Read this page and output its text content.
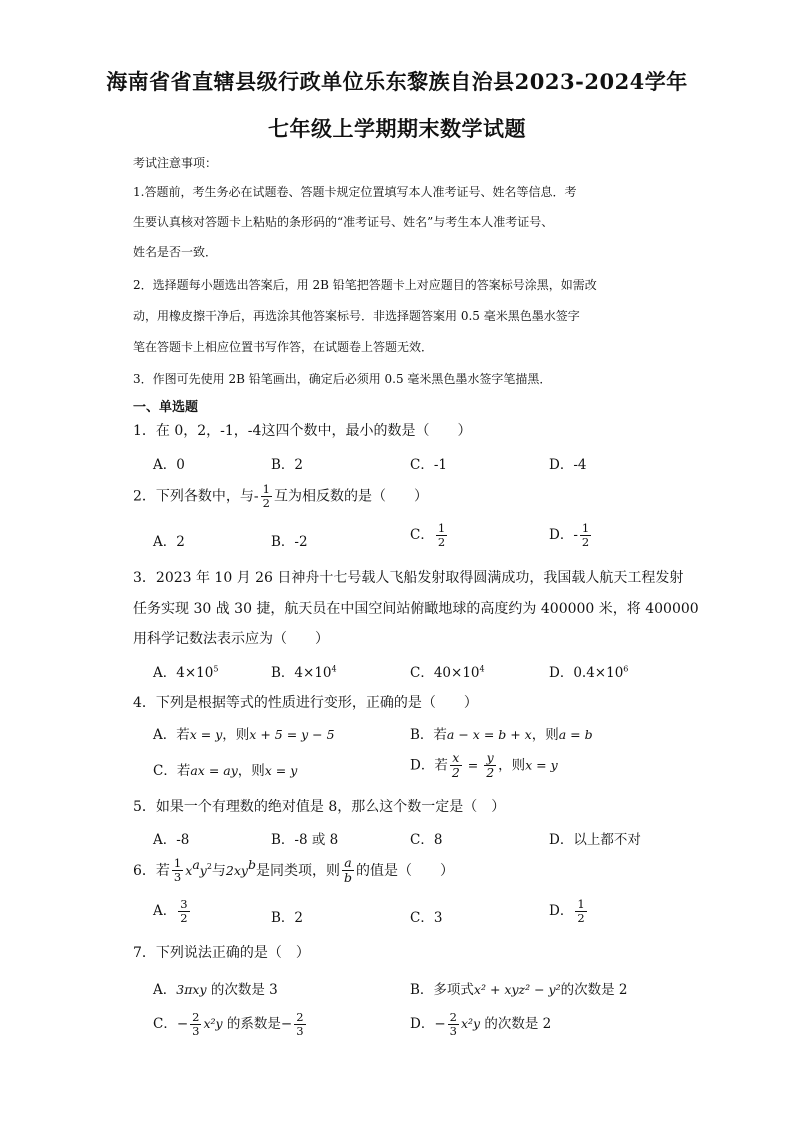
海南省省直辖县级行政单位乐东黎族自治县2023-2024学年
七年级上学期期末数学试题
考试注意事项：
1.答题前，考生务必在试题卷、答题卡规定位置填写本人准考证号、姓名等信息．考
生要认真核对答题卡上粘贴的条形码的“准考证号、姓名”与考生本人准考证号、
姓名是否一致．
2．选择题每小题选出答案后，用 2B 铅笔把答题卡上对应题目的答案标号涂黑，如需改
动，用橡皮擦干净后，再选涂其他答案标号．非选择题答案用 0.5 毫米黑色墨水签字
笔在答题卡上相应位置书写作答，在试题卷上答题无效．
3．作图可先使用 2B 铅笔画出，确定后必须用 0.5 毫米黑色墨水签字笔描黑．
一、单选题
1．在 0，2，-1，-4这四个数中，最小的数是（　　）
A．0	B．2	C．-1	D．-4
2．下列各数中，与- $\frac{1}{2}$ 互为相反数的是（　　）
A．2	B．-2	C． $\frac{1}{2}$	D．- $\frac{1}{2}$
3．2023 年 10 月 26 日神舟十七号载人飞船发射取得圆满成功，我国载人航天工程发射
任务实现 30 战 30 捷，航天员在中国空间站俯瞰地球的高度约为 400000 米，将 400000
用科学记数法表示应为（　　）
A．$4\times 10^5$	B．$4\times 10^4$	C．$40\times 10^4$	D．$0.4\times 10^6$
4．下列是根据等式的性质进行变形，正确的是（　　）
A．若x = y，则x + 5 = y − 5	B．若a − x = b + x，则a = b
C．若ax = ay，则x = y	D．若 $\frac{x}{2} = \frac{y}{2}$ ，则x = y
5．如果一个有理数的绝对值是 8，那么这个数一定是（　）
A．-8	B．-8 或 8	C．8	D．以上都不对
6．若 $\frac{1}{3} x^ay^2$与$2xy^b$是同类项，则 $\frac{a}{b}$ 的值是（　　）
A． $\frac{3}{2}$	B．2	C．3	D． $\frac{1}{2}$
7．下列说法正确的是（　）
A．3πxy 的次数是 3	B．多项式x² + xyz² − y²的次数是 2
C．− $\frac{2}{3} x^2y$ 的系数是− $\frac{2}{3}$	D．− $\frac{2}{3} x^2y$ 的次数是 2
